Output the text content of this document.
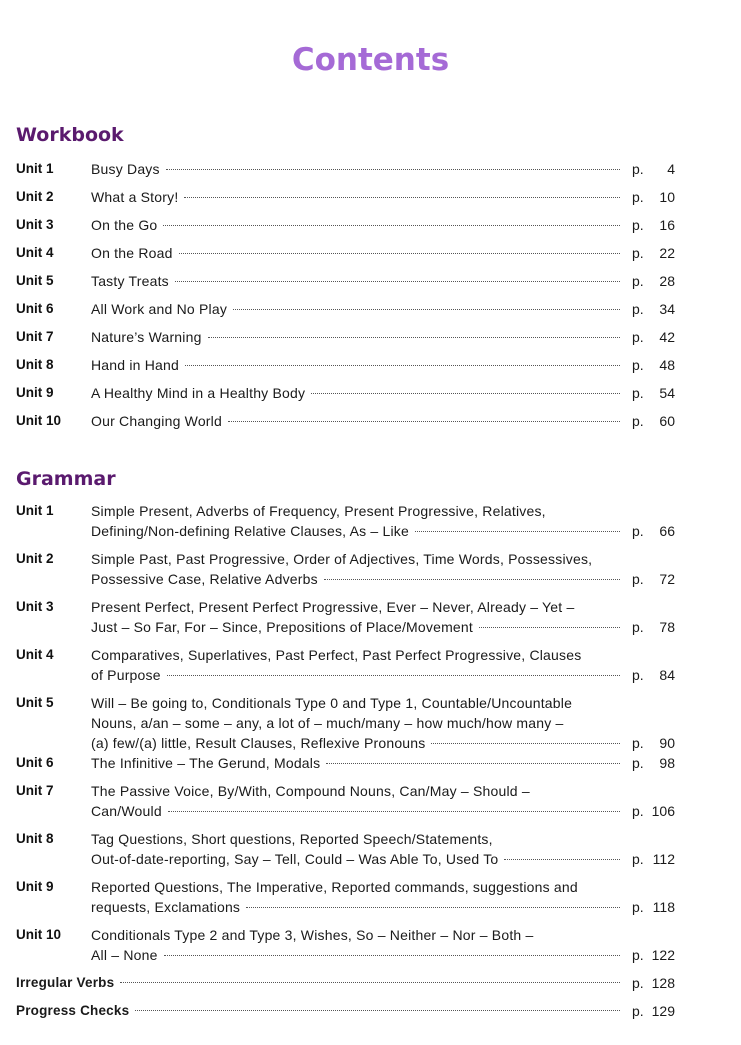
Contents
Workbook
Unit 1	Busy Days	p. 4
Unit 2	What a Story!	p. 10
Unit 3	On the Go	p. 16
Unit 4	On the Road	p. 22
Unit 5	Tasty Treats	p. 28
Unit 6	All Work and No Play	p. 34
Unit 7	Nature’s Warning	p. 42
Unit 8	Hand in Hand	p. 48
Unit 9	A Healthy Mind in a Healthy Body	p. 54
Unit 10 Our Changing World	p. 60
Grammar
Unit 1	Simple Present, Adverbs of Frequency, Present Progressive, Relatives,
Defining/Non-defining Relative Clauses, As – Like	p. 66
Unit 2	Simple Past, Past Progressive, Order of Adjectives, Time Words, Possessives,
Possessive Case, Relative Adverbs	p. 72
Unit 3	Present Perfect, Present Perfect Progressive, Ever – Never, Already – Yet –
Just – So Far, For – Since, Prepositions of Place/Movement	p. 78
Unit 4	Comparatives, Superlatives, Past Perfect, Past Perfect Progressive, Clauses
of Purpose	p. 84
Unit 5	Will – Be going to, Conditionals Type 0 and Type 1, Countable/Uncountable
Nouns, a/an – some – any, a lot of – much/many – how much/how many –
(a) few/(a) little, Result Clauses, Reflexive Pronouns	p. 90
Unit 6	The Infinitive – The Gerund, Modals	p. 98
Unit 7	The Passive Voice, By/With, Compound Nouns, Can/May – Should –
Can/Would	p. 106
Unit 8	Tag Questions, Short questions, Reported Speech/Statements,
Out-of-date-reporting, Say – Tell, Could – Was Able To, Used To	p. 112
Unit 9	Reported Questions, The Imperative, Reported commands, suggestions and
requests, Exclamations	p. 118
Unit 10 Conditionals Type 2 and Type 3, Wishes, So – Neither – Nor – Both –
All – None	p. 122
Irregular Verbs	p. 128
Progress Checks	p. 129
